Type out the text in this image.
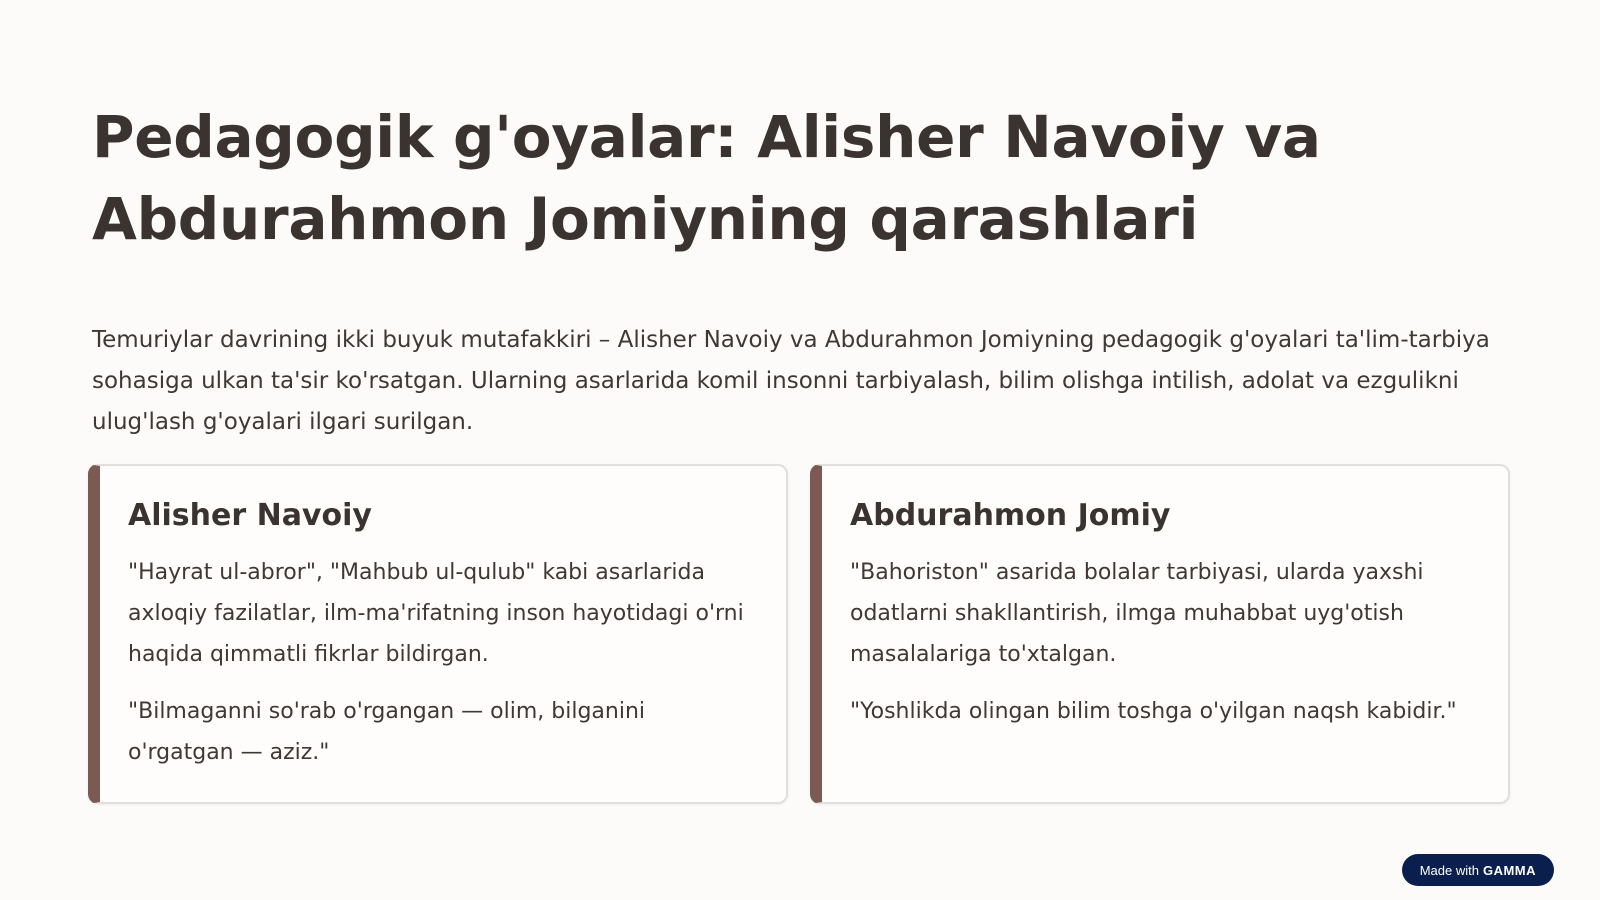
Pedagogik g'oyalar: Alisher Navoiy va Abdurahmon Jomiyning qarashlari

Temuriylar davrining ikki buyuk mutafakkiri – Alisher Navoiy va Abdurahmon Jomiyning pedagogik g'oyalari ta'lim-tarbiya sohasiga ulkan ta'sir ko'rsatgan. Ularning asarlarida komil insonni tarbiyalash, bilim olishga intilish, adolat va ezgulikni ulug'lash g'oyalari ilgari surilgan.

Alisher Navoiy

"Hayrat ul-abror", "Mahbub ul-qulub" kabi asarlarida axloqiy fazilatlar, ilm-ma'rifatning inson hayotidagi o'rni haqida qimmatli fikrlar bildirgan.

"Bilmaganni so'rab o'rgangan — olim, bilganini o'rgatgan — aziz."

Abdurahmon Jomiy

"Bahoriston" asarida bolalar tarbiyasi, ularda yaxshi odatlarni shakllantirish, ilmga muhabbat uyg'otish masalalariga to'xtalgan.

"Yoshlikda olingan bilim toshga o'yilgan naqsh kabidir."

Made with GAMMA
